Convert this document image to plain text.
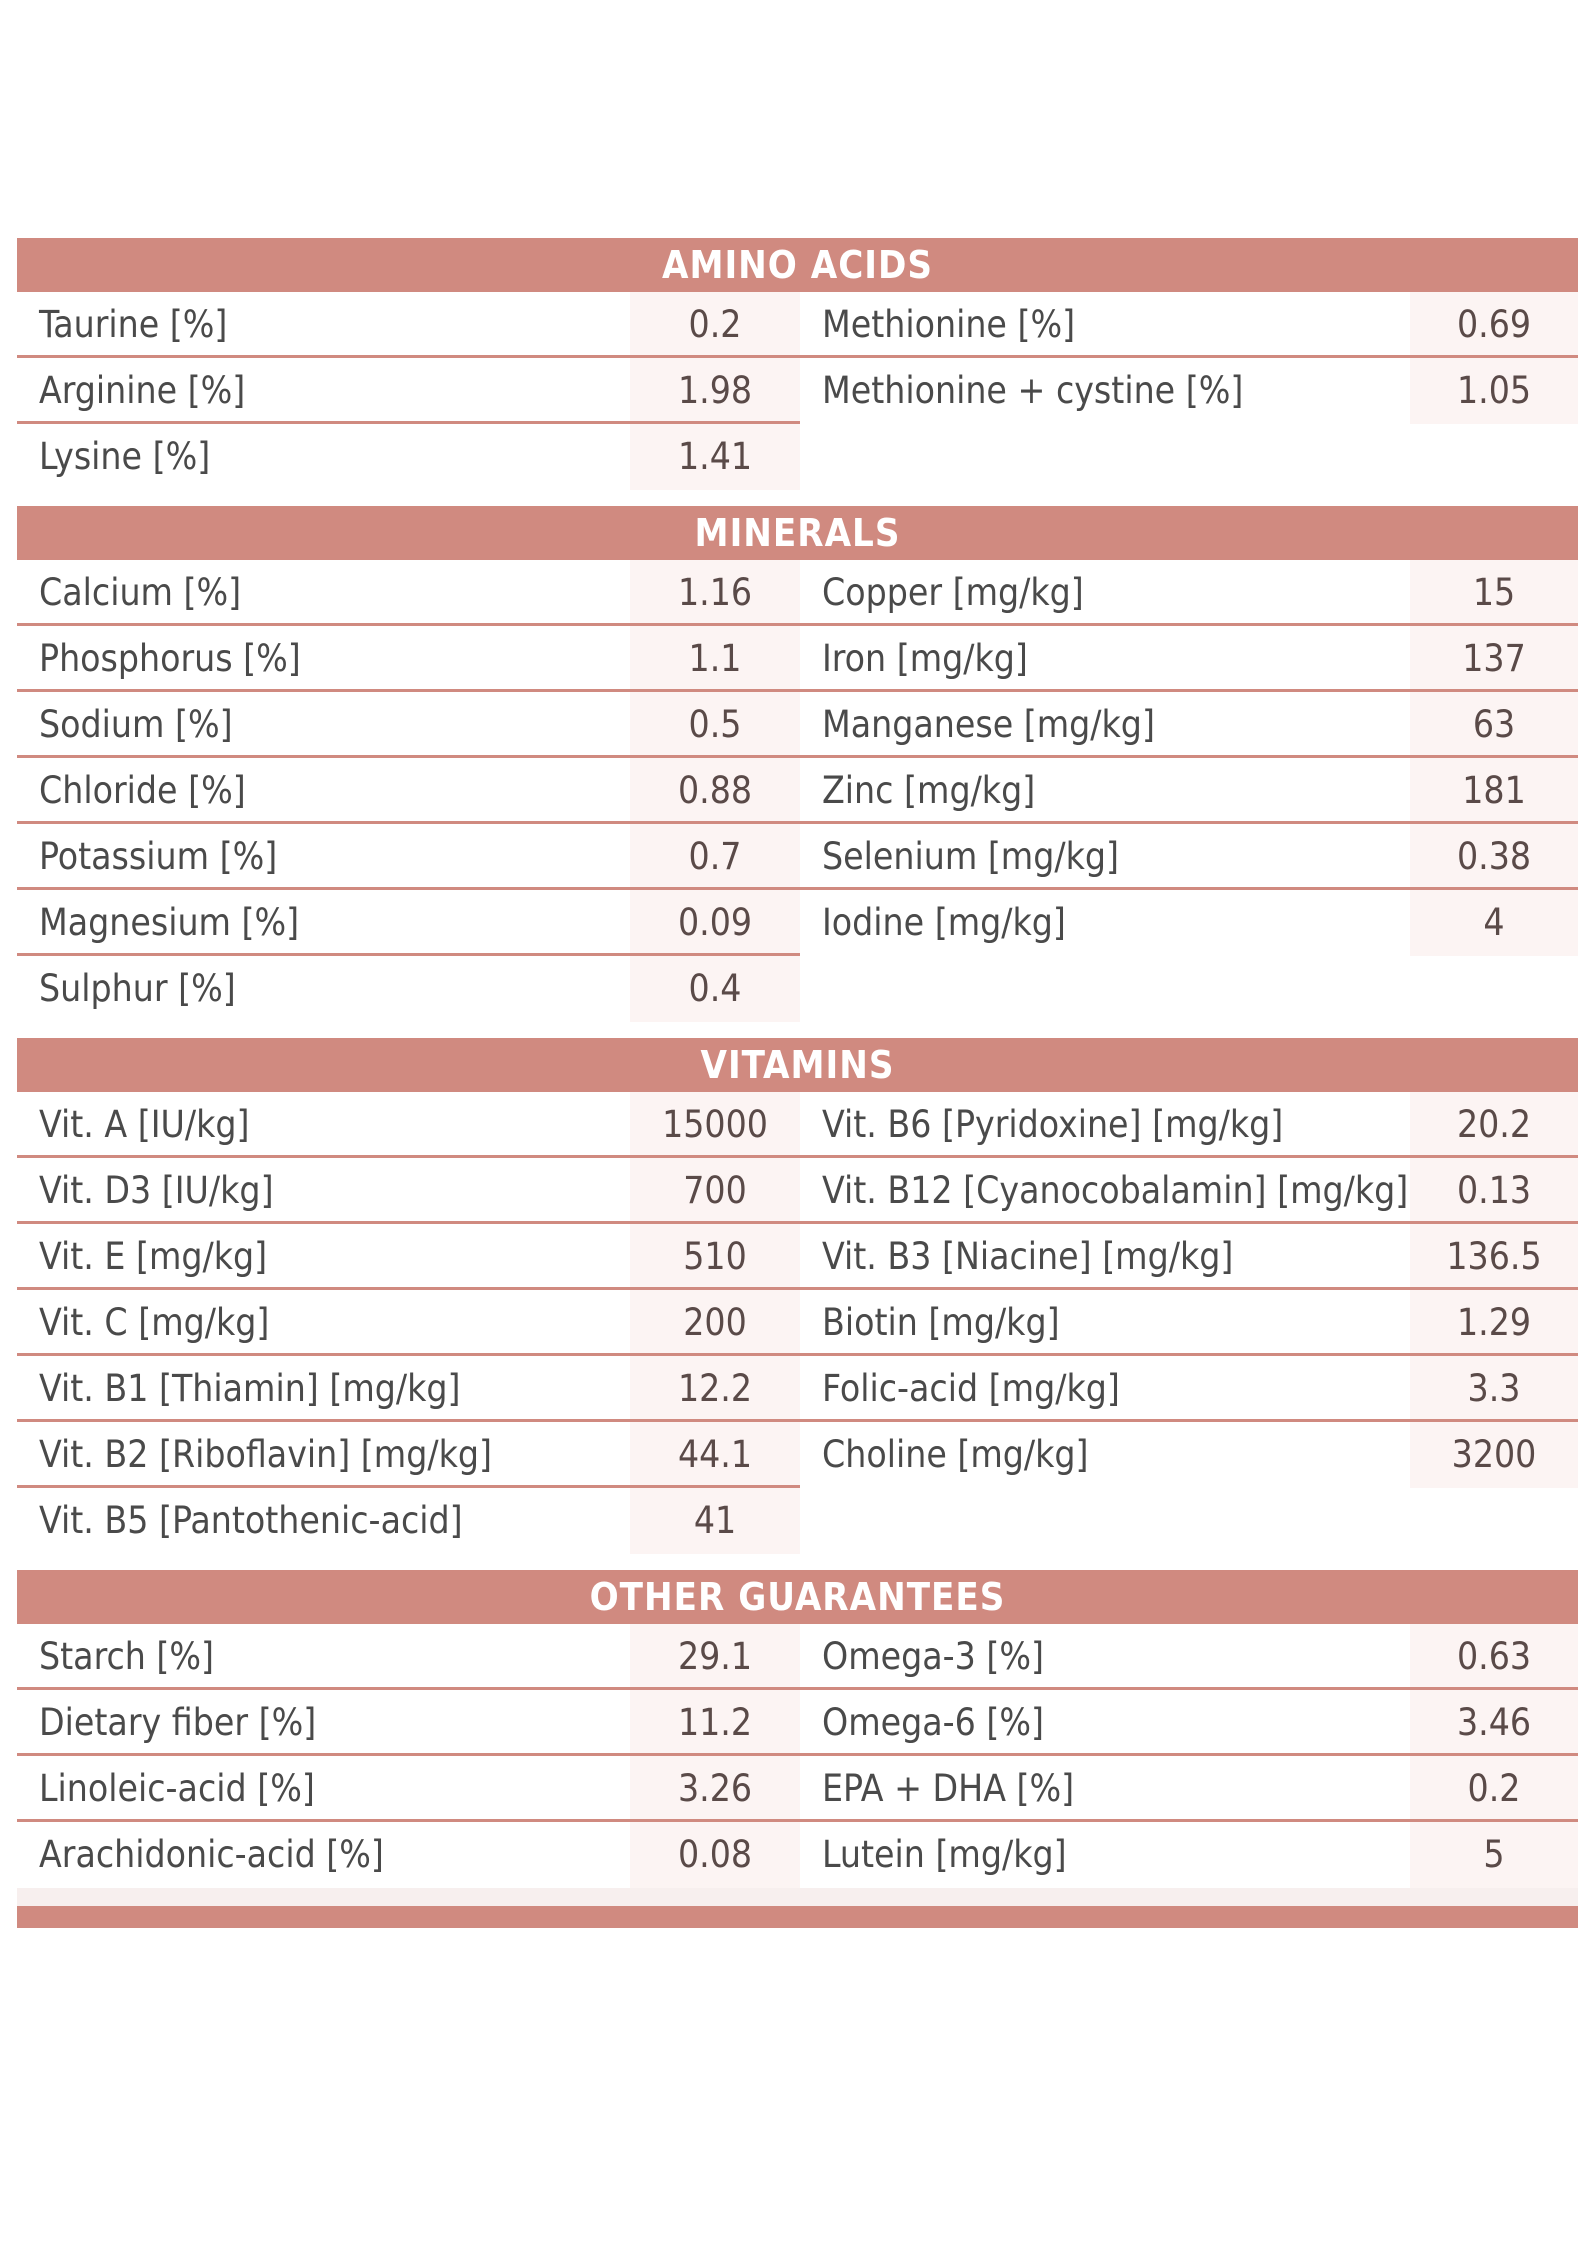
AMINO ACIDS
Taurine [%]	0.2	Methionine [%]	0.69
Arginine [%]	1.98	Methionine + cystine [%]	1.05
Lysine [%]	1.41
MINERALS
Calcium [%]	1.16	Copper [mg/kg]	15
Phosphorus [%]	1.1	Iron [mg/kg]	137
Sodium [%]	0.5	Manganese [mg/kg]	63
Chloride [%]	0.88	Zinc [mg/kg]	181
Potassium [%]	0.7	Selenium [mg/kg]	0.38
Magnesium [%]	0.09	Iodine [mg/kg]	4
Sulphur [%]	0.4
VITAMINS
Vit. A [IU/kg]	15000	Vit. B6 [Pyridoxine] [mg/kg]	20.2
Vit. D3 [IU/kg]	700	Vit. B12 [Cyanocobalamin] [mg/kg]	0.13
Vit. E [mg/kg]	510	Vit. B3 [Niacine] [mg/kg]	136.5
Vit. C [mg/kg]	200	Biotin [mg/kg]	1.29
Vit. B1 [Thiamin] [mg/kg]	12.2	Folic-acid [mg/kg]	3.3
Vit. B2 [Riboflavin] [mg/kg]	44.1	Choline [mg/kg]	3200
Vit. B5 [Pantothenic-acid]	41
OTHER GUARANTEES
Starch [%]	29.1	Omega-3 [%]	0.63
Dietary fiber [%]	11.2	Omega-6 [%]	3.46
Linoleic-acid [%]	3.26	EPA + DHA [%]	0.2
Arachidonic-acid [%]	0.08	Lutein [mg/kg]	5
